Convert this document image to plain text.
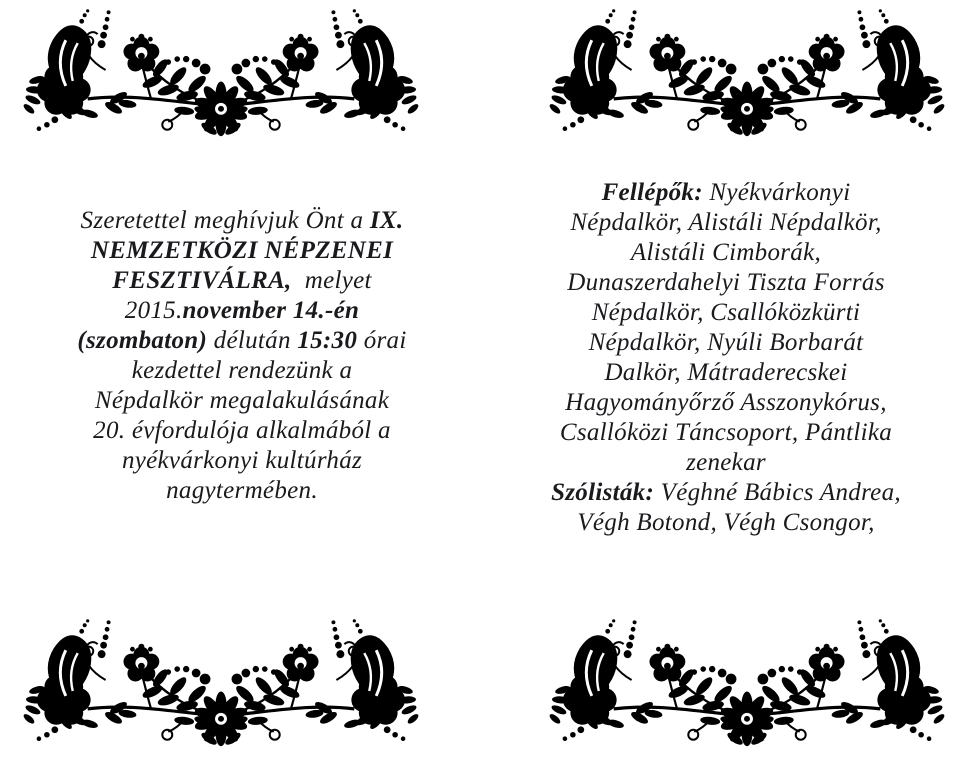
Szeretettel meghívjuk Önt a IX.
NEMZETKÖZI NÉPZENEI
FESZTIVÁLRA,  melyet
2015.november 14.-én
(szombaton) délután 15:30 órai
kezdettel rendezünk a
Népdalkör megalakulásának
20. évfordulója alkalmából a
nyékvárkonyi kultúrház
nagytermében.
Fellépők: Nyékvárkonyi
Népdalkör, Alistáli Népdalkör,
Alistáli Cimborák,
Dunaszerdahelyi Tiszta Forrás
Népdalkör, Csallóközkürti
Népdalkör, Nyúli Borbarát
Dalkör, Mátraderecskei
Hagyományőrző Asszonykórus,
Csallóközi Táncsoport, Pántlika
zenekar
Szólisták: Véghné Bábics Andrea,
Végh Botond, Végh Csongor,
